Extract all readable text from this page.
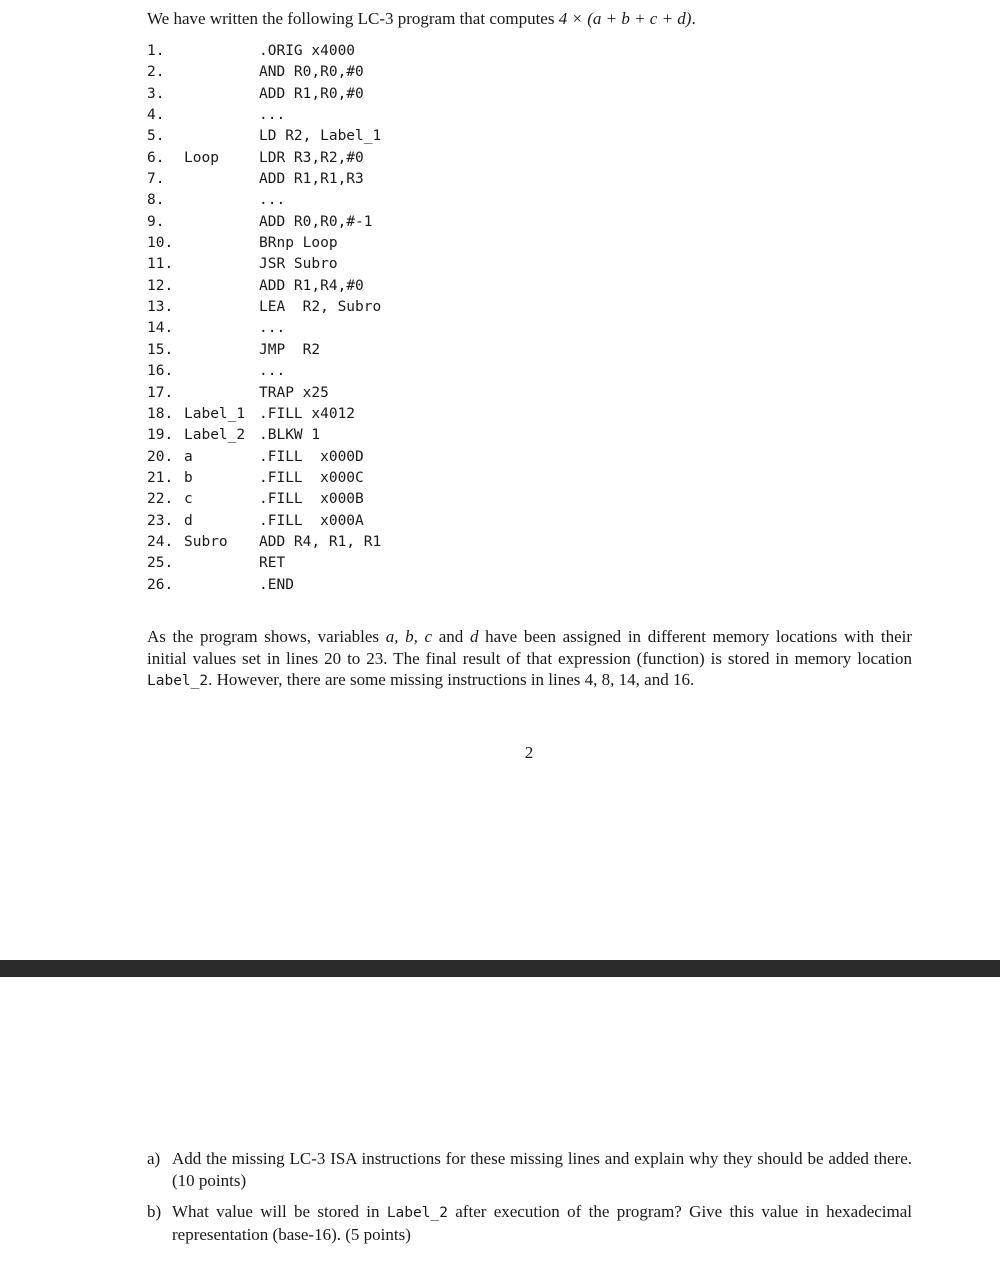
We have written the following LC-3 program that computes 4 × (a + b + c + d).
1.	.ORIG x4000
2.	AND R0,R0,#0
3.	ADD R1,R0,#0
4.	...
5.	LD R2, Label_1
6. Loop	LDR R3,R2,#0
7.	ADD R1,R1,R3
8.	...
9.	ADD R0,R0,#-1
10.	BRnp Loop
11.	JSR Subro
12.	ADD R1,R4,#0
13.	LEA  R2, Subro
14.	...
15.	JMP  R2
16.	...
17.	TRAP x25
18. Label_1 .FILL x4012
19. Label_2 .BLKW 1
20. a	.FILL  x000D
21. b	.FILL  x000C
22. c	.FILL  x000B
23. d	.FILL  x000A
24. Subro ADD R4, R1, R1
25.	RET
26.	.END
As the program shows, variables a, b, c and d have been assigned in different memory locations with their initial values set in lines 20 to 23. The final result of that expression (function) is stored in memory location Label_2. However, there are some missing instructions in lines 4, 8, 14, and 16.
2
a) Add the missing LC-3 ISA instructions for these missing lines and explain why they should be added there. (10 points)
b) What value will be stored in Label_2 after execution of the program? Give this value in hexadecimal representation (base-16). (5 points)
